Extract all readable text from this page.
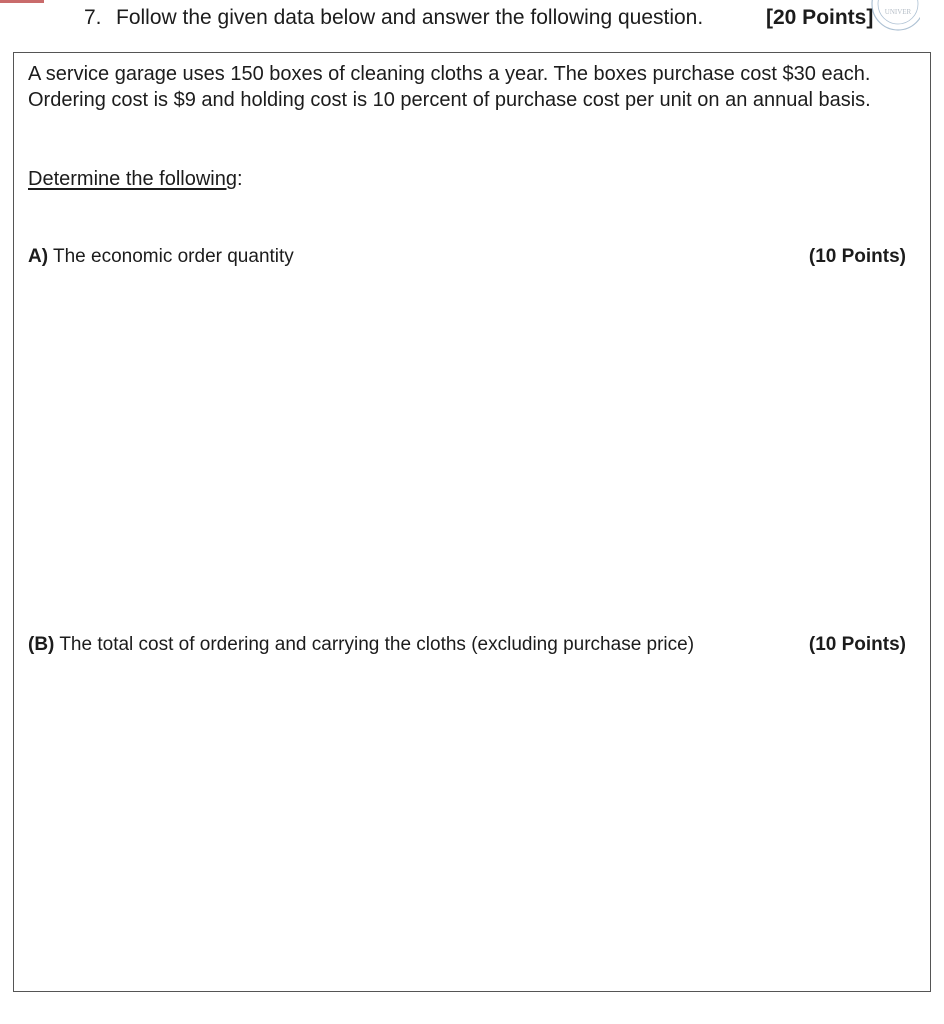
7. Follow the given data below and answer the following question.	[20 Points] UNIVER
A service garage uses 150 boxes of cleaning cloths a year. The boxes purchase cost $30 each. Ordering cost is $9 and holding cost is 10 percent of purchase cost per unit on an annual basis.
Determine the following:
A) The economic order quantity	(10 Points)
(B) The total cost of ordering and carrying the cloths (excluding purchase price)	(10 Points)
